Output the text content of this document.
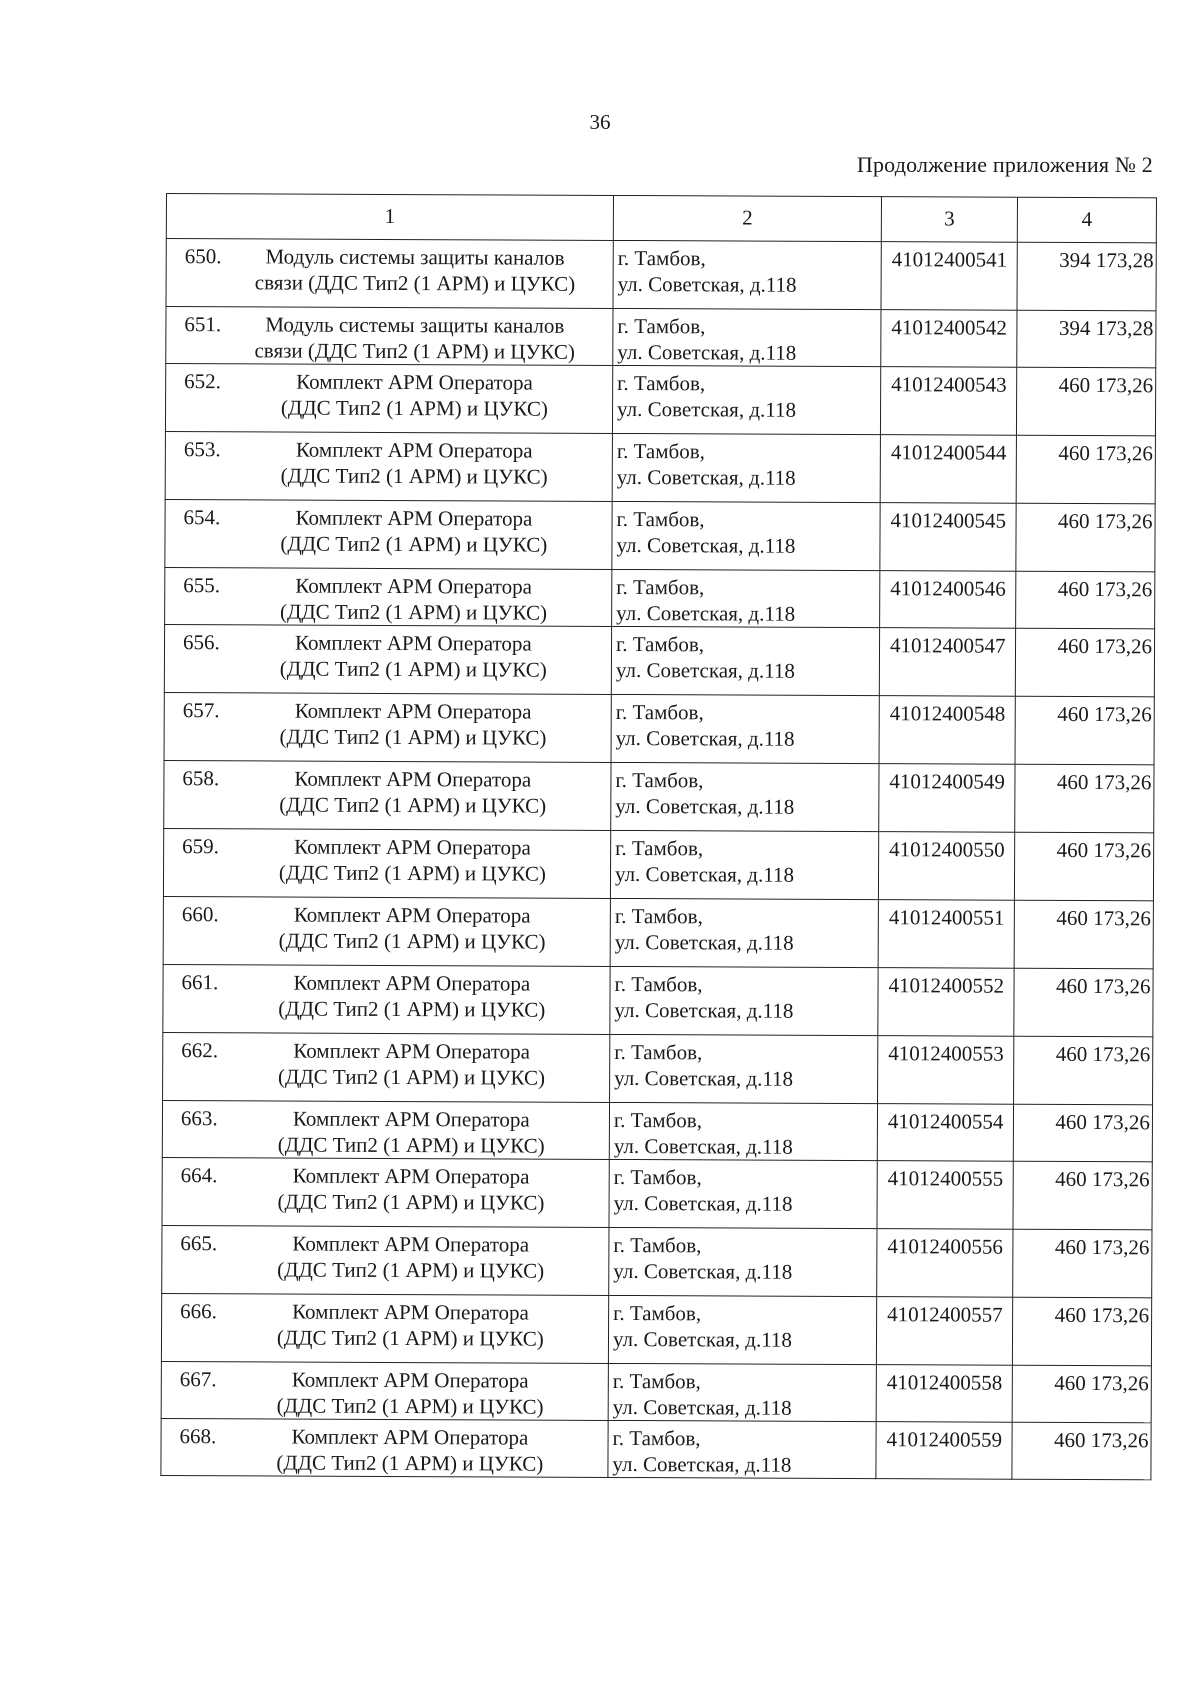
36
Продолжение приложения № 2
1	2	3	4

650. Модуль системы защиты каналов
связи (ДДС Тип2 (1 АРМ) и ЦУКС)	г. Тамбов,
ул. Советская, д.118	41012400541	394 173,28

651. Модуль системы защиты каналов
связи (ДДС Тип2 (1 АРМ) и ЦУКС)	г. Тамбов,
ул. Советская, д.118	41012400542	394 173,28

652. Комплект АРМ Оператора
(ДДС Тип2 (1 АРМ) и ЦУКС)	г. Тамбов,
ул. Советская, д.118	41012400543	460 173,26

653. Комплект АРМ Оператора
(ДДС Тип2 (1 АРМ) и ЦУКС)	г. Тамбов,
ул. Советская, д.118	41012400544	460 173,26

654. Комплект АРМ Оператора
(ДДС Тип2 (1 АРМ) и ЦУКС)	г. Тамбов,
ул. Советская, д.118	41012400545	460 173,26

655. Комплект АРМ Оператора
(ДДС Тип2 (1 АРМ) и ЦУКС)	г. Тамбов,
ул. Советская, д.118	41012400546	460 173,26

656. Комплект АРМ Оператора
(ДДС Тип2 (1 АРМ) и ЦУКС)	г. Тамбов,
ул. Советская, д.118	41012400547	460 173,26

657. Комплект АРМ Оператора
(ДДС Тип2 (1 АРМ) и ЦУКС)	г. Тамбов,
ул. Советская, д.118	41012400548	460 173,26

658. Комплект АРМ Оператора
(ДДС Тип2 (1 АРМ) и ЦУКС)	г. Тамбов,
ул. Советская, д.118	41012400549	460 173,26

659. Комплект АРМ Оператора
(ДДС Тип2 (1 АРМ) и ЦУКС)	г. Тамбов,
ул. Советская, д.118	41012400550	460 173,26

660. Комплект АРМ Оператора
(ДДС Тип2 (1 АРМ) и ЦУКС)	г. Тамбов,
ул. Советская, д.118	41012400551	460 173,26

661. Комплект АРМ Оператора
(ДДС Тип2 (1 АРМ) и ЦУКС)	г. Тамбов,
ул. Советская, д.118	41012400552	460 173,26

662. Комплект АРМ Оператора
(ДДС Тип2 (1 АРМ) и ЦУКС)	г. Тамбов,
ул. Советская, д.118	41012400553	460 173,26

663. Комплект АРМ Оператора
(ДДС Тип2 (1 АРМ) и ЦУКС)	г. Тамбов,
ул. Советская, д.118	41012400554	460 173,26

664. Комплект АРМ Оператора
(ДДС Тип2 (1 АРМ) и ЦУКС)	г. Тамбов,
ул. Советская, д.118	41012400555	460 173,26

665. Комплект АРМ Оператора
(ДДС Тип2 (1 АРМ) и ЦУКС)	г. Тамбов,
ул. Советская, д.118	41012400556	460 173,26

666. Комплект АРМ Оператора
(ДДС Тип2 (1 АРМ) и ЦУКС)	г. Тамбов,
ул. Советская, д.118	41012400557	460 173,26

667. Комплект АРМ Оператора
(ДДС Тип2 (1 АРМ) и ЦУКС)	г. Тамбов,
ул. Советская, д.118	41012400558	460 173,26

668. Комплект АРМ Оператора
(ДДС Тип2 (1 АРМ) и ЦУКС)	г. Тамбов,
ул. Советская, д.118	41012400559	460 173,26
